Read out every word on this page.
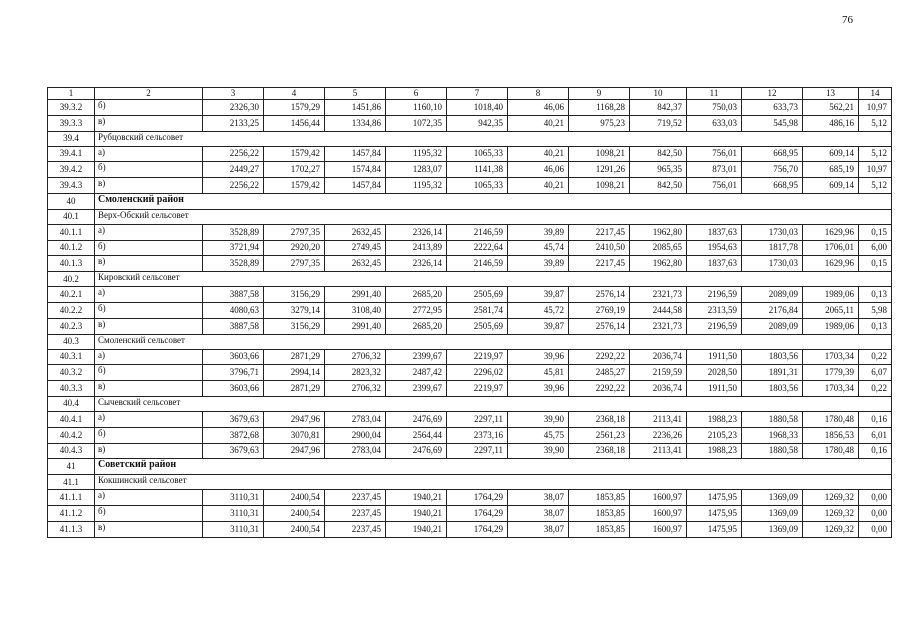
76
1	2	3	4	5	6	7	8	9	10	11	12	13	14
39.3.2	б)	2326,30	1579,29	1451,86	1160,10	1018,40	46,06	1168,28	842,37	750,03	633,73	562,21	10,97
39.3.3	в)	2133,25	1456,44	1334,86	1072,35	942,35	40,21	975,23	719,52	633,03	545,98	486,16	5,12
39.4	Рубцовский сельсовет												
39.4.1	а)	2256,22	1579,42	1457,84	1195,32	1065,33	40,21	1098,21	842,50	756,01	668,95	609,14	5,12
39.4.2	б)	2449,27	1702,27	1574,84	1283,07	1141,38	46,06	1291,26	965,35	873,01	756,70	685,19	10,97
39.4.3	в)	2256,22	1579,42	1457,84	1195,32	1065,33	40,21	1098,21	842,50	756,01	668,95	609,14	5,12
40	Смоленский район												
40.1	Верх-Обский сельсовет												
40.1.1	а)	3528,89	2797,35	2632,45	2326,14	2146,59	39,89	2217,45	1962,80	1837,63	1730,03	1629,96	0,15
40.1.2	б)	3721,94	2920,20	2749,45	2413,89	2222,64	45,74	2410,50	2085,65	1954,63	1817,78	1706,01	6,00
40.1.3	в)	3528,89	2797,35	2632,45	2326,14	2146,59	39,89	2217,45	1962,80	1837,63	1730,03	1629,96	0,15
40.2	Кировский сельсовет												
40.2.1	а)	3887,58	3156,29	2991,40	2685,20	2505,69	39,87	2576,14	2321,73	2196,59	2089,09	1989,06	0,13
40.2.2	б)	4080,63	3279,14	3108,40	2772,95	2581,74	45,72	2769,19	2444,58	2313,59	2176,84	2065,11	5,98
40.2.3	в)	3887,58	3156,29	2991,40	2685,20	2505,69	39,87	2576,14	2321,73	2196,59	2089,09	1989,06	0,13
40.3	Смоленский сельсовет												
40.3.1	а)	3603,66	2871,29	2706,32	2399,67	2219,97	39,96	2292,22	2036,74	1911,50	1803,56	1703,34	0,22
40.3.2	б)	3796,71	2994,14	2823,32	2487,42	2296,02	45,81	2485,27	2159,59	2028,50	1891,31	1779,39	6,07
40.3.3	в)	3603,66	2871,29	2706,32	2399,67	2219,97	39,96	2292,22	2036,74	1911,50	1803,56	1703,34	0,22
40.4	Сычевский сельсовет												
40.4.1	а)	3679,63	2947,96	2783,04	2476,69	2297,11	39,90	2368,18	2113,41	1988,23	1880,58	1780,48	0,16
40.4.2	б)	3872,68	3070,81	2900,04	2564,44	2373,16	45,75	2561,23	2236,26	2105,23	1968,33	1856,53	6,01
40.4.3	в)	3679,63	2947,96	2783,04	2476,69	2297,11	39,90	2368,18	2113,41	1988,23	1880,58	1780,48	0,16
41	Советский район												
41.1	Кокшинский сельсовет												
41.1.1	а)	3110,31	2400,54	2237,45	1940,21	1764,29	38,07	1853,85	1600,97	1475,95	1369,09	1269,32	0,00
41.1.2	б)	3110,31	2400,54	2237,45	1940,21	1764,29	38,07	1853,85	1600,97	1475,95	1369,09	1269,32	0,00
41.1.3	в)	3110,31	2400,54	2237,45	1940,21	1764,29	38,07	1853,85	1600,97	1475,95	1369,09	1269,32	0,00
